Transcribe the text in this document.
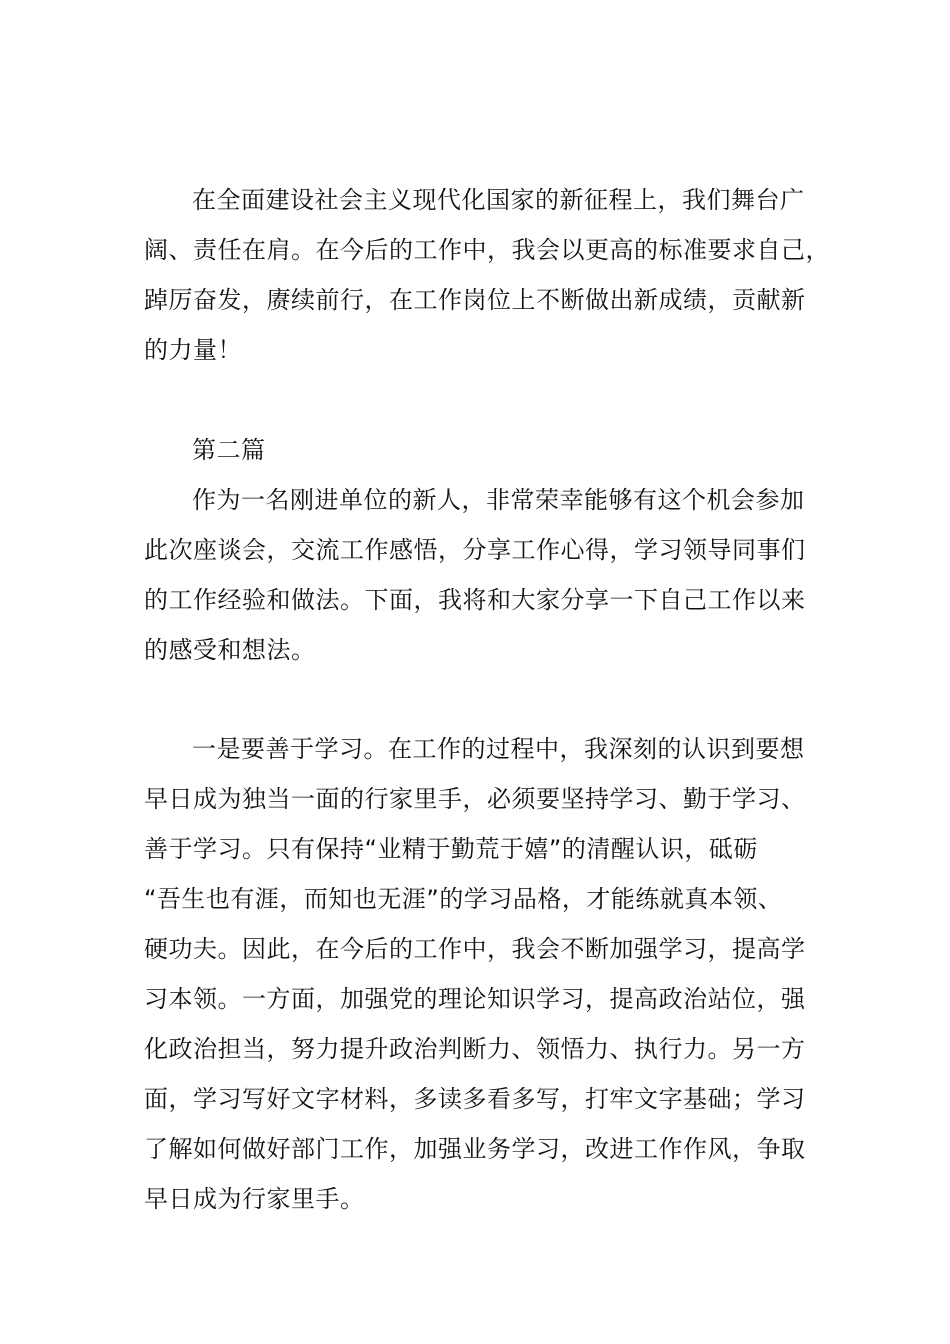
在全面建设社会主义现代化国家的新征程上，我们舞台广
阔、责任在肩。在今后的工作中，我会以更高的标准要求自己，
踔厉奋发，赓续前行，在工作岗位上不断做出新成绩，贡献新
的力量！
第二篇
作为一名刚进单位的新人，非常荣幸能够有这个机会参加
此次座谈会，交流工作感悟，分享工作心得，学习领导同事们
的工作经验和做法。下面，我将和大家分享一下自己工作以来
的感受和想法。
一是要善于学习。在工作的过程中，我深刻的认识到要想
早日成为独当一面的行家里手，必须要坚持学习、勤于学习、
善于学习。只有保持“业精于勤荒于嬉”的清醒认识，砥砺
“吾生也有涯，而知也无涯”的学习品格，才能练就真本领、
硬功夫。因此，在今后的工作中，我会不断加强学习，提高学
习本领。一方面，加强党的理论知识学习，提高政治站位，强
化政治担当，努力提升政治判断力、领悟力、执行力。另一方
面，学习写好文字材料，多读多看多写，打牢文字基础；学习
了解如何做好部门工作，加强业务学习，改进工作作风，争取
早日成为行家里手。
